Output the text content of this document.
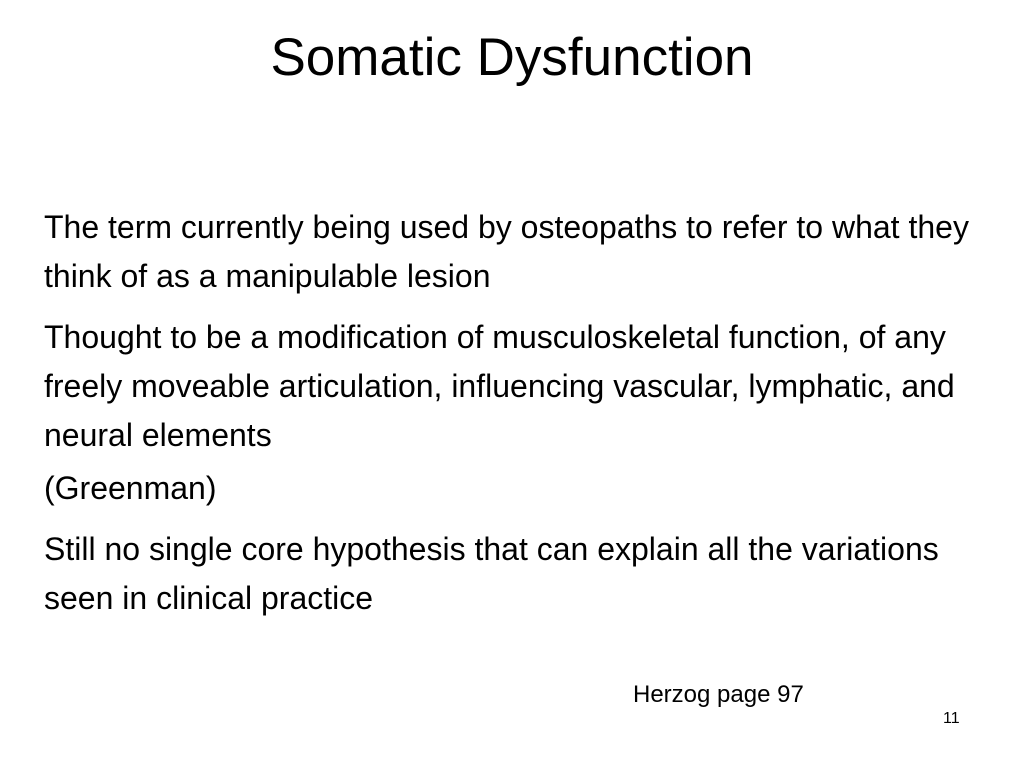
Somatic Dysfunction

The term currently being used by osteopaths to refer to what they think of as a manipulable lesion

Thought to be a modification of musculoskeletal function, of any freely moveable articulation, influencing vascular, lymphatic, and neural elements

(Greenman)

Still no single core hypothesis that can explain all the variations seen in clinical practice

Herzog page 97
11
